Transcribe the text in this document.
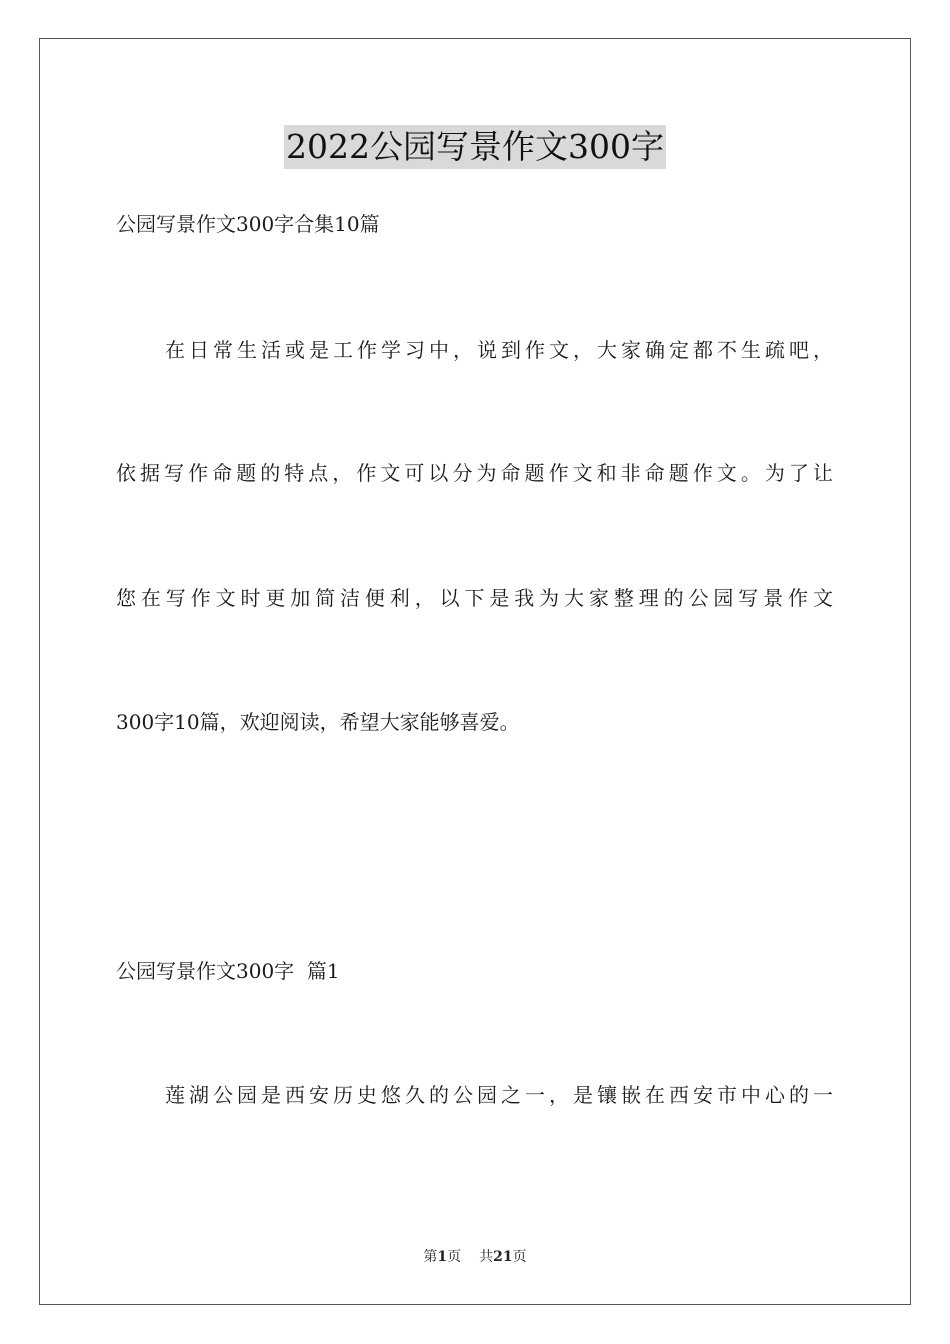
2022公园写景作文300字
公园写景作文300字合集10篇
在 日 常 生 活 或 是 工 作 学 习 中 ， 说 到 作 文 ， 大 家 确 定 都 不 生 疏 吧 ，
依 据 写 作 命 题 的 特 点 ， 作 文 可 以 分 为 命 题 作 文 和 非 命 题 作 文 。 为 了 让
您 在 写 作 文 时 更 加 简 洁 便 利 ， 以 下 是 我 为 大 家 整 理 的 公 园 写 景 作 文
300字10篇，欢迎阅读，希望大家能够喜爱。
公园写景作文300字  篇1
莲 湖 公 园 是 西 安 历 史 悠 久 的 公 园 之 一 ， 是 镶 嵌 在 西 安 市 中 心 的 一
第1页 共21页
